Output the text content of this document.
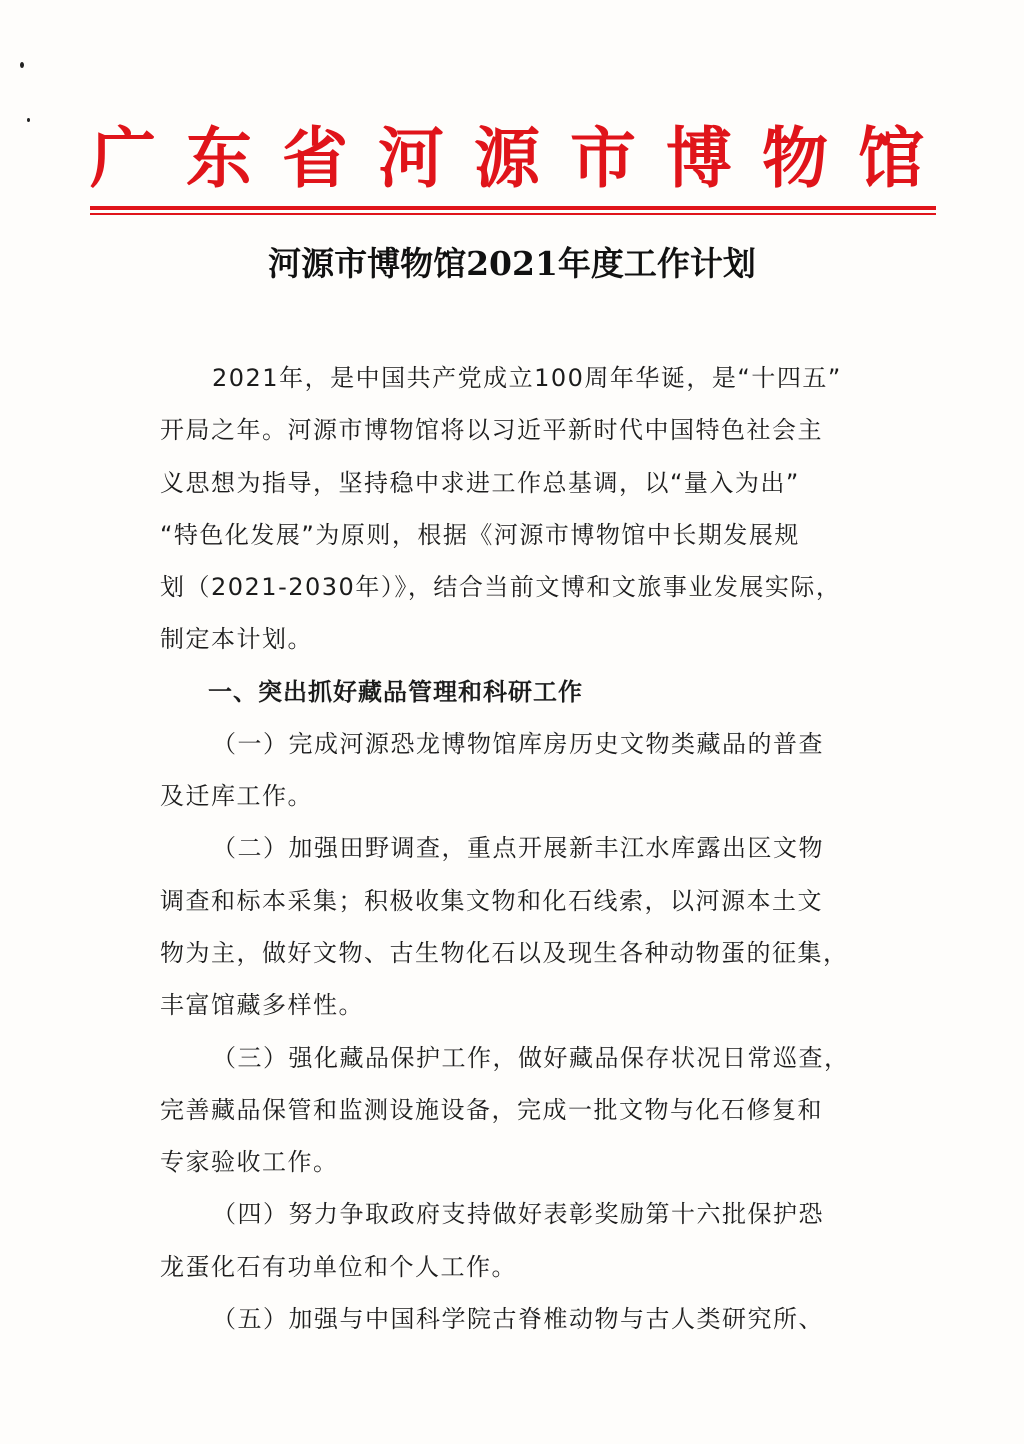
广东省河源市博物馆
河源市博物馆2021年度工作计划

2021年，是中国共产党成立100周年华诞，是“十四五”
开局之年。河源市博物馆将以习近平新时代中国特色社会主
义思想为指导，坚持稳中求进工作总基调，以“量入为出”
“特色化发展”为原则，根据《河源市博物馆中长期发展规
划（2021-2030年）》，结合当前文博和文旅事业发展实际，
制定本计划。

一、突出抓好藏品管理和科研工作

（一）完成河源恐龙博物馆库房历史文物类藏品的普查
及迁库工作。

（二）加强田野调查，重点开展新丰江水库露出区文物
调查和标本采集；积极收集文物和化石线索，以河源本土文
物为主，做好文物、古生物化石以及现生各种动物蛋的征集，
丰富馆藏多样性。

（三）强化藏品保护工作，做好藏品保存状况日常巡查，
完善藏品保管和监测设施设备，完成一批文物与化石修复和
专家验收工作。

（四）努力争取政府支持做好表彰奖励第十六批保护恐
龙蛋化石有功单位和个人工作。

（五）加强与中国科学院古脊椎动物与古人类研究所、
